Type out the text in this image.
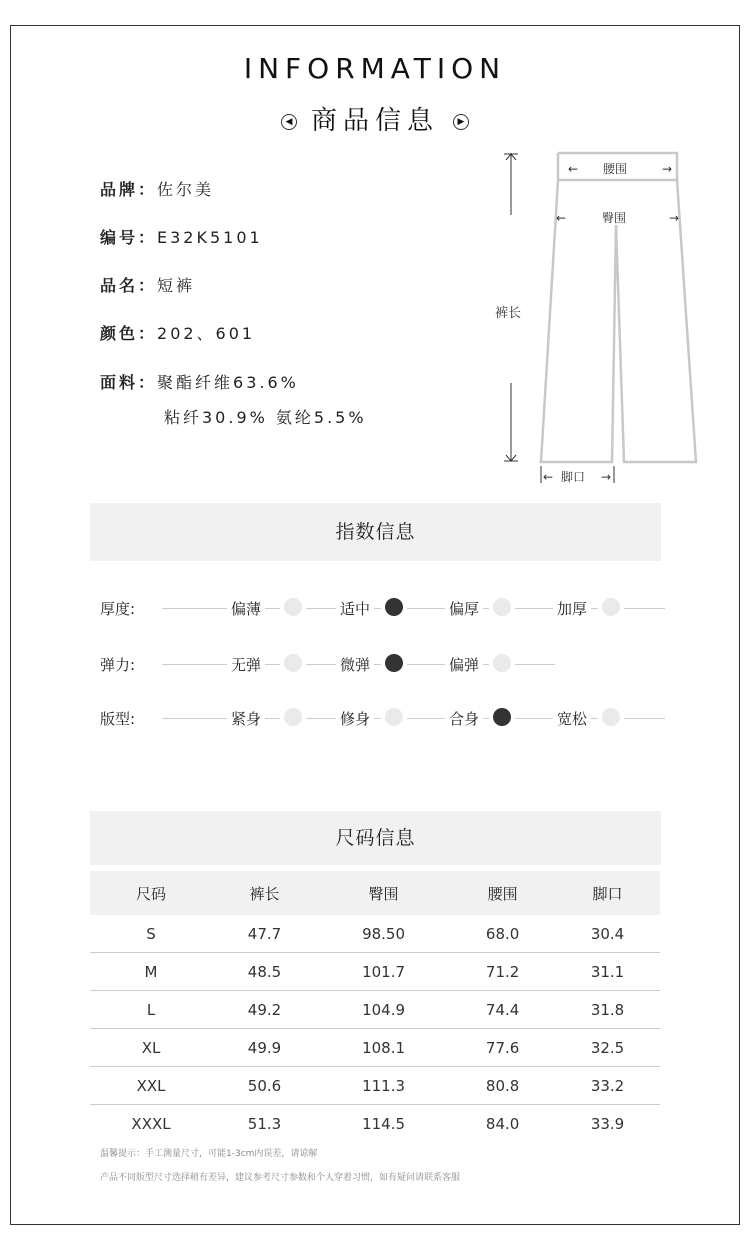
INFORMATION
◀ 商品信息 ▶
品牌：佐尔美
编号：E32K5101
品名：短裤
颜色：202、601
面料：聚酯纤维63.6%
粘纤30.9% 氨纶5.5%
← 腰围	→
←	臀围	→
裤长
← 脚口 →
指数信息
厚度:	偏薄	适中	偏厚	加厚
弹力:	无弹	微弹	偏弹
版型:	紧身	修身	合身	宽松
尺码信息
尺码	裤长	臀围	腰围	脚口
S	47.7	98.50	68.0	30.4
M	48.5	101.7	71.2	31.1
L	49.2	104.9	74.4	31.8
XL	49.9	108.1	77.6	32.5
XXL	50.6	111.3	80.8	33.2
XXXL	51.3	114.5	84.0	33.9
温馨提示：手工测量尺寸，可能1-3cm内误差，请谅解
产品不同版型尺寸选择稍有差异，建议参考尺寸参数和个人穿着习惯，如有疑问请联系客服
